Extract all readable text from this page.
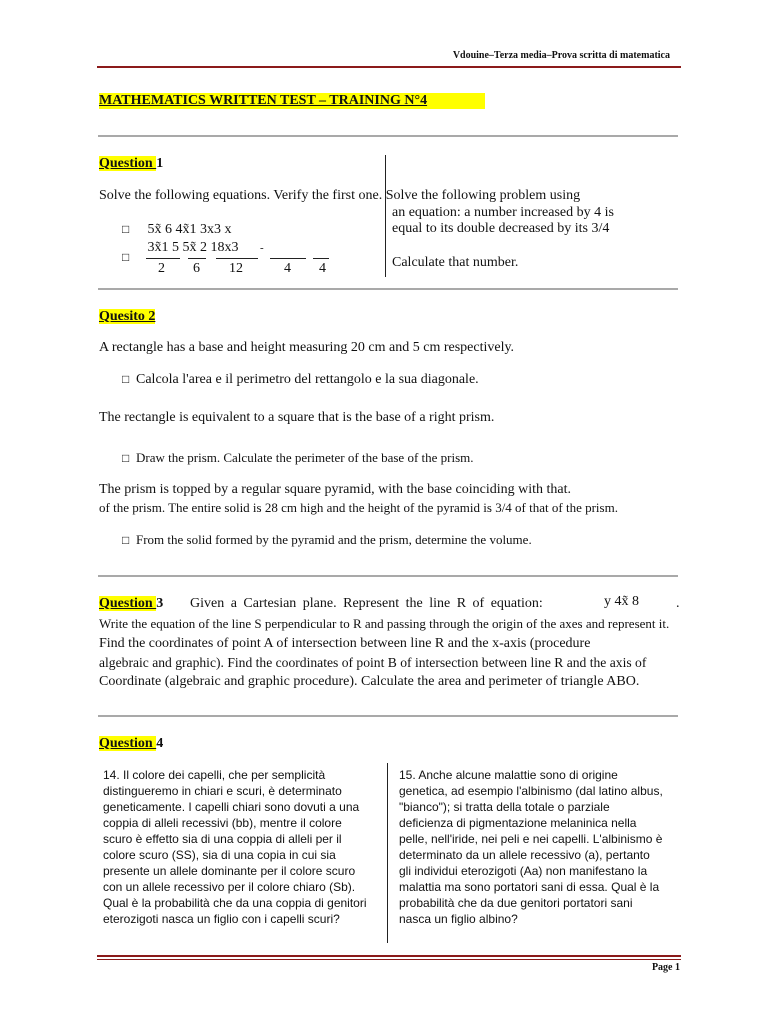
Vdouine–Terza media–Prova scritta di matematica
MATHEMATICS WRITTEN TEST – TRAINING N°4
Question 1
Solve the following equations. Verify the first one. Solve the following problem using
□ 5x̃ 6 4x̃1 3x3 x
□ 3x̃1 5 5x̃ 2 18x3 -
2 6 12	4 4
an equation: a number increased by 4 is
equal to its double decreased by its 3/4
Calculate that number.
Quesito 2
A rectangle has a base and height measuring 20 cm and 5 cm respectively.
□ Calcola l'area e il perimetro del rettangolo e la sua diagonale.
The rectangle is equivalent to a square that is the base of a right prism.
□ Draw the prism. Calculate the perimeter of the base of the prism.
The prism is topped by a regular square pyramid, with the base coinciding with that.
of the prism. The entire solid is 28 cm high and the height of the pyramid is 3/4 of that of the prism.
□ From the solid formed by the pyramid and the prism, determine the volume.
Question 3 Given a Cartesian plane. Represent the line R of equation:	y 4x̃ 8	.
Write the equation of the line S perpendicular to R and passing through the origin of the axes and represent it.
Find the coordinates of point A of intersection between line R and the x-axis (procedure
algebraic and graphic). Find the coordinates of point B of intersection between line R and the axis of
Coordinate (algebraic and graphic procedure). Calculate the area and perimeter of triangle ABO.
Question 4
14. Il colore dei capelli, che per semplicità
distingueremo in chiari e scuri, è determinato
geneticamente. I capelli chiari sono dovuti a una
coppia di alleli recessivi (bb), mentre il colore
scuro è effetto sia di una coppia di alleli per il
colore scuro (SS), sia di una copia in cui sia
presente un allele dominante per il colore scuro
con un allele recessivo per il colore chiaro (Sb).
Qual è la probabilità che da una coppia di genitori
eterozigoti nasca un figlio con i capelli scuri?
15. Anche alcune malattie sono di origine
genetica, ad esempio l'albinismo (dal latino albus,
"bianco"); si tratta della totale o parziale
deficienza di pigmentazione melaninica nella
pelle, nell'iride, nei peli e nei capelli. L'albinismo è
determinato da un allele recessivo (a), pertanto
gli individui eterozigoti (Aa) non manifestano la
malattia ma sono portatori sani di essa. Qual è la
probabilità che da due genitori portatori sani
nasca un figlio albino?
Page 1
